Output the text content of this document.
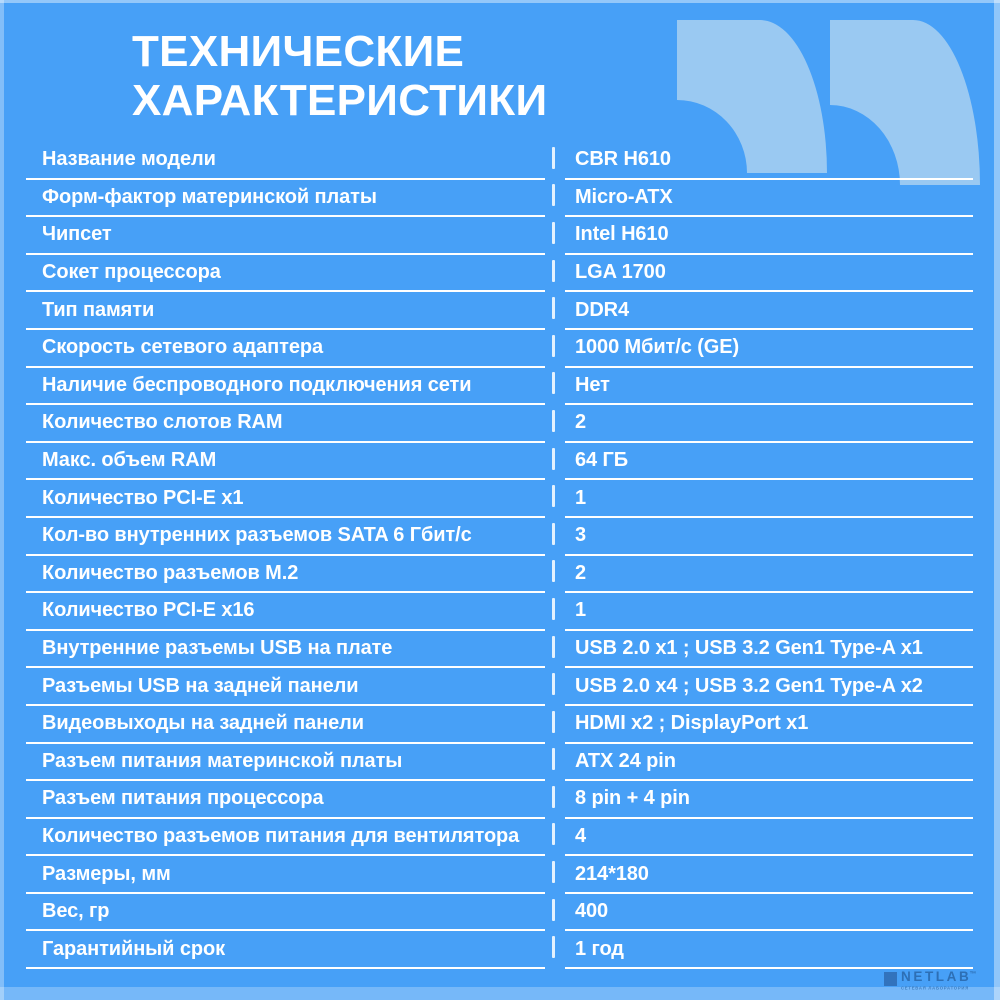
ТЕХНИЧЕСКИЕ
ХАРАКТЕРИСТИКИ
Название модели	CBR H610
Форм-фактор материнской платы	Micro-ATX
Чипсет	Intel H610
Сокет процессора	LGA 1700
Тип памяти	DDR4
Скорость сетевого адаптера	1000 Мбит/с (GE)
Наличие беспроводного подключения сети	Нет
Количество слотов RAM	2
Макс. объем RAM	64 ГБ
Количество PCI-E x1	1
Кол-во внутренних разъемов SATA 6 Гбит/с	3
Количество разъемов M.2	2
Количество PCI-E x16	1
Внутренние разъемы USB на плате	USB 2.0 x1 ; USB 3.2 Gen1 Type-A x1
Разъемы USB на задней панели	USB 2.0 x4 ; USB 3.2 Gen1 Type-A x2
Видеовыходы на задней панели	HDMI x2 ; DisplayPort x1
Разъем питания материнской платы	ATX 24 pin
Разъем питания процессора	8 pin + 4 pin
Количество разъемов питания для вентилятора	4
Размеры, мм	214*180
Вес, гр	400
Гарантийный срок	1 год
NETLAB™
СЕТЕВАЯ ЛАБОРАТОРИЯ
